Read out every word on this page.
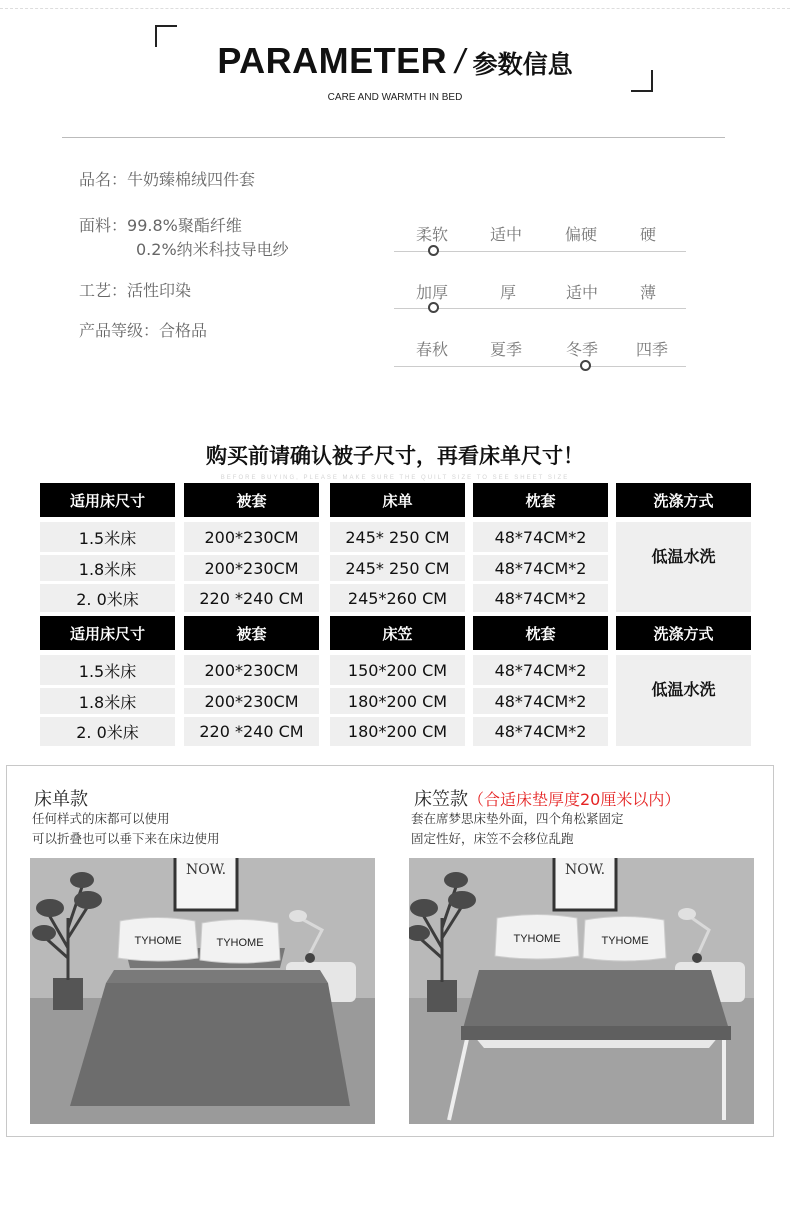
PARAMETER / 参数信息
CARE AND WARMTH IN BED
品名：牛奶臻棉绒四件套
面料：99.8%聚酯纤维
0.2%纳米科技导电纱
工艺：活性印染
产品等级：合格品
柔软	适中	偏硬	硬
加厚	厚	适中	薄
春秋	夏季	冬季 四季
购买前请确认被子尺寸，再看床单尺寸！
BEFORE BUYING, PLEASE MAKE SURE THE QUILT SIZE TO SEE SHEET SIZE
适用床尺寸	被套	床单	枕套	洗涤方式
1.5米床	200*230CM	245* 250 CM	48*74CM*2
1.8米床	200*230CM	245* 250 CM	48*74CM*2
2. 0米床	220 *240 CM	245*260 CM	48*74CM*2
低温水洗
适用床尺寸	被套	床笠	枕套	洗涤方式
1.5米床	200*230CM	150*200 CM	48*74CM*2
1.8米床	200*230CM	180*200 CM	48*74CM*2
2. 0米床	220 *240 CM	180*200 CM	48*74CM*2
低温水洗
床单款
任何样式的床都可以使用
可以折叠也可以垂下来在床边使用
床笠款（合适床垫厚度20厘米以内）
套在席梦思床垫外面，四个角松紧固定
固定性好，床笠不会移位乱跑
NOW.
TYHOME	TYHOME
NOW.
TYHOME	TYHOME
